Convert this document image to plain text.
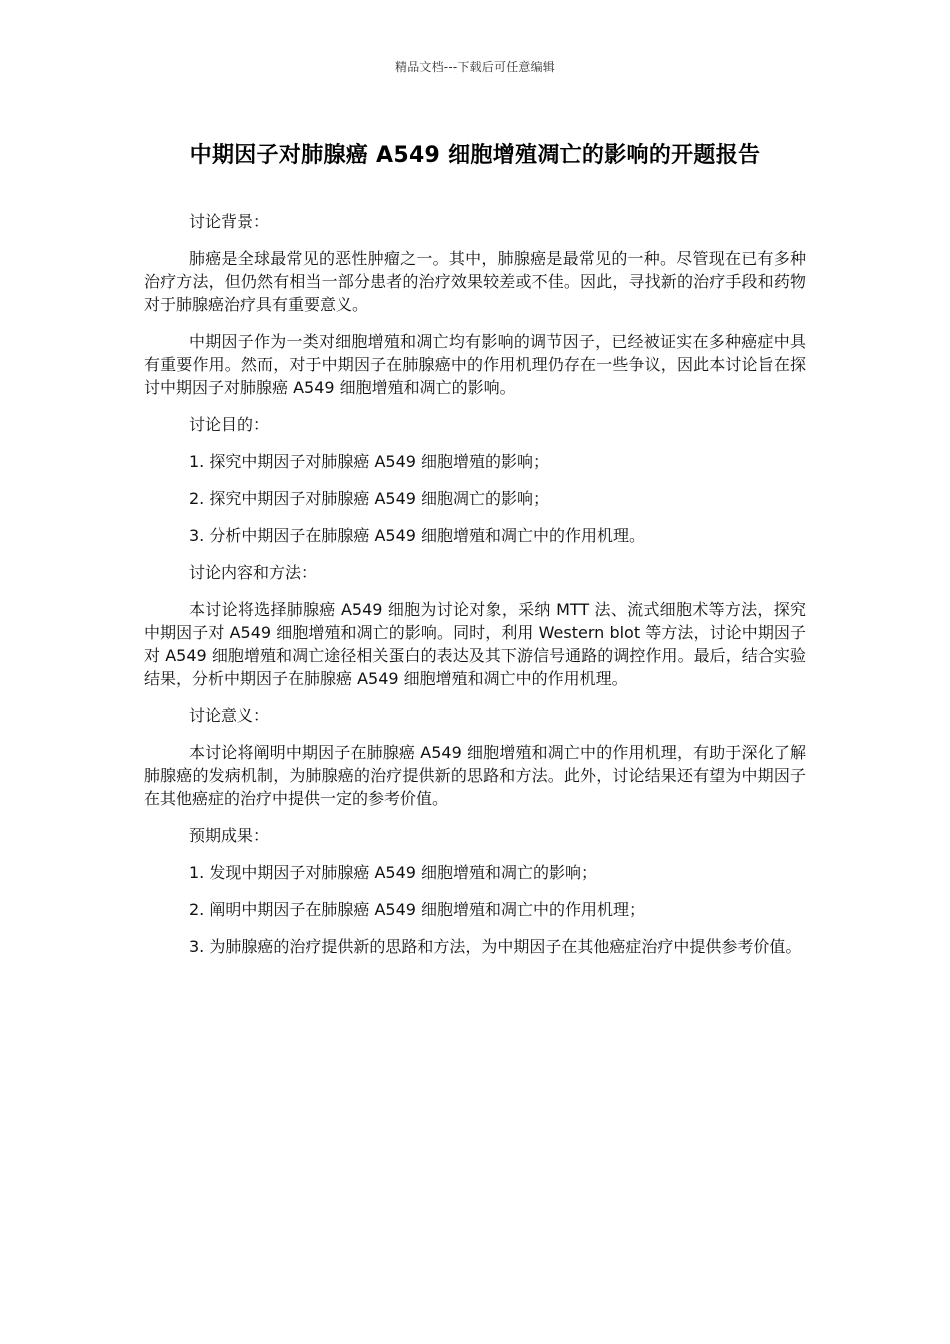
精品文档---下载后可任意编辑
中期因子对肺腺癌 A549 细胞增殖凋亡的影响的开题报告

讨论背景：

肺癌是全球最常见的恶性肿瘤之一。其中，肺腺癌是最常见的一种。尽管现在已有多种治疗方法，但仍然有相当一部分患者的治疗效果较差或不佳。因此，寻找新的治疗手段和药物对于肺腺癌治疗具有重要意义。

中期因子作为一类对细胞增殖和凋亡均有影响的调节因子，已经被证实在多种癌症中具有重要作用。然而，对于中期因子在肺腺癌中的作用机理仍存在一些争议，因此本讨论旨在探讨中期因子对肺腺癌 A549 细胞增殖和凋亡的影响。

讨论目的：

1. 探究中期因子对肺腺癌 A549 细胞增殖的影响；

2. 探究中期因子对肺腺癌 A549 细胞凋亡的影响；

3. 分析中期因子在肺腺癌 A549 细胞增殖和凋亡中的作用机理。

讨论内容和方法：

本讨论将选择肺腺癌 A549 细胞为讨论对象，采纳 MTT 法、流式细胞术等方法，探究中期因子对 A549 细胞增殖和凋亡的影响。同时，利用 Western blot 等方法，讨论中期因子对 A549 细胞增殖和凋亡途径相关蛋白的表达及其下游信号通路的调控作用。最后，结合实验结果，分析中期因子在肺腺癌 A549 细胞增殖和凋亡中的作用机理。

讨论意义：

本讨论将阐明中期因子在肺腺癌 A549 细胞增殖和凋亡中的作用机理，有助于深化了解肺腺癌的发病机制，为肺腺癌的治疗提供新的思路和方法。此外，讨论结果还有望为中期因子在其他癌症的治疗中提供一定的参考价值。

预期成果：

1. 发现中期因子对肺腺癌 A549 细胞增殖和凋亡的影响；

2. 阐明中期因子在肺腺癌 A549 细胞增殖和凋亡中的作用机理；

3. 为肺腺癌的治疗提供新的思路和方法，为中期因子在其他癌症治疗中提供参考价值。
